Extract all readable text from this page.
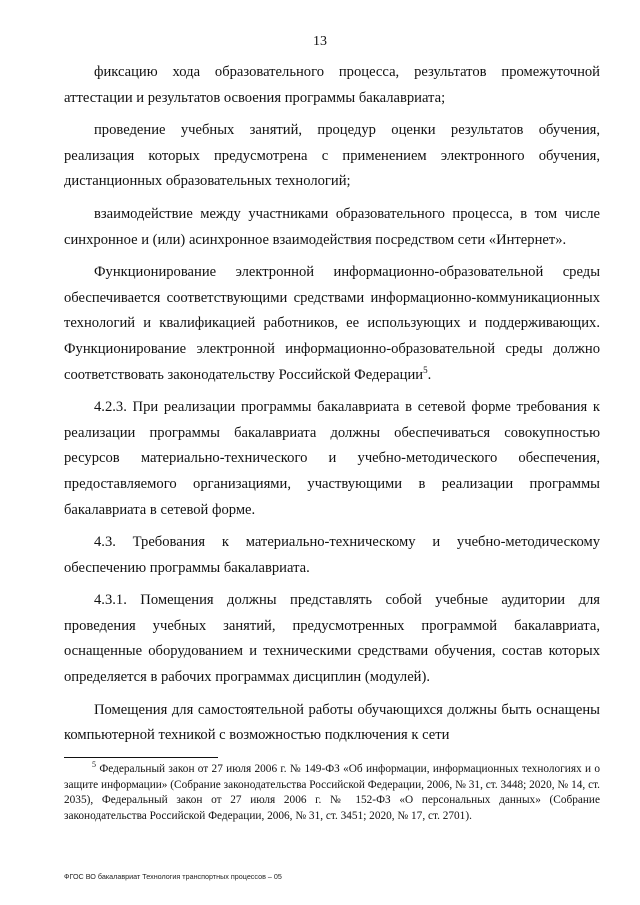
13

фиксацию хода образовательного процесса, результатов промежуточной аттестации и результатов освоения программы бакалавриата;

проведение учебных занятий, процедур оценки результатов обучения, реализация которых предусмотрена с применением электронного обучения, дистанционных образовательных технологий;

взаимодействие между участниками образовательного процесса, в том числе синхронное и (или) асинхронное взаимодействия посредством сети «Интернет».

Функционирование электронной информационно-образовательной среды обеспечивается соответствующими средствами информационно-коммуникационных технологий и квалификацией работников, ее использующих и поддерживающих. Функционирование электронной информационно-образовательной среды должно соответствовать законодательству Российской Федерации$^5$.

4.2.3. При реализации программы бакалавриата в сетевой форме требования к реализации программы бакалавриата должны обеспечиваться совокупностью ресурсов материально-технического и учебно-методического обеспечения, предоставляемого организациями, участвующими в реализации программы бакалавриата в сетевой форме.

4.3. Требования к материально-техническому и учебно-методическому обеспечению программы бакалавриата.

4.3.1. Помещения должны представлять собой учебные аудитории для проведения учебных занятий, предусмотренных программой бакалавриата, оснащенные оборудованием и техническими средствами обучения, состав которых определяется в рабочих программах дисциплин (модулей).

Помещения для самостоятельной работы обучающихся должны быть оснащены компьютерной техникой с возможностью подключения к сети

$^5$ Федеральный закон от 27 июля 2006 г. № 149-ФЗ «Об информации, информационных технологиях и о защите информации» (Собрание законодательства Российской Федерации, 2006, № 31, ст. 3448; 2020, № 14, ст. 2035), Федеральный закон от 27 июля 2006 г. № 152-ФЗ «О персональных данных» (Собрание законодательства Российской Федерации, 2006, № 31, ст. 3451; 2020, № 17, ст. 2701).

ФГОС ВО бакалавриат Технология транспортных процессов – 05
